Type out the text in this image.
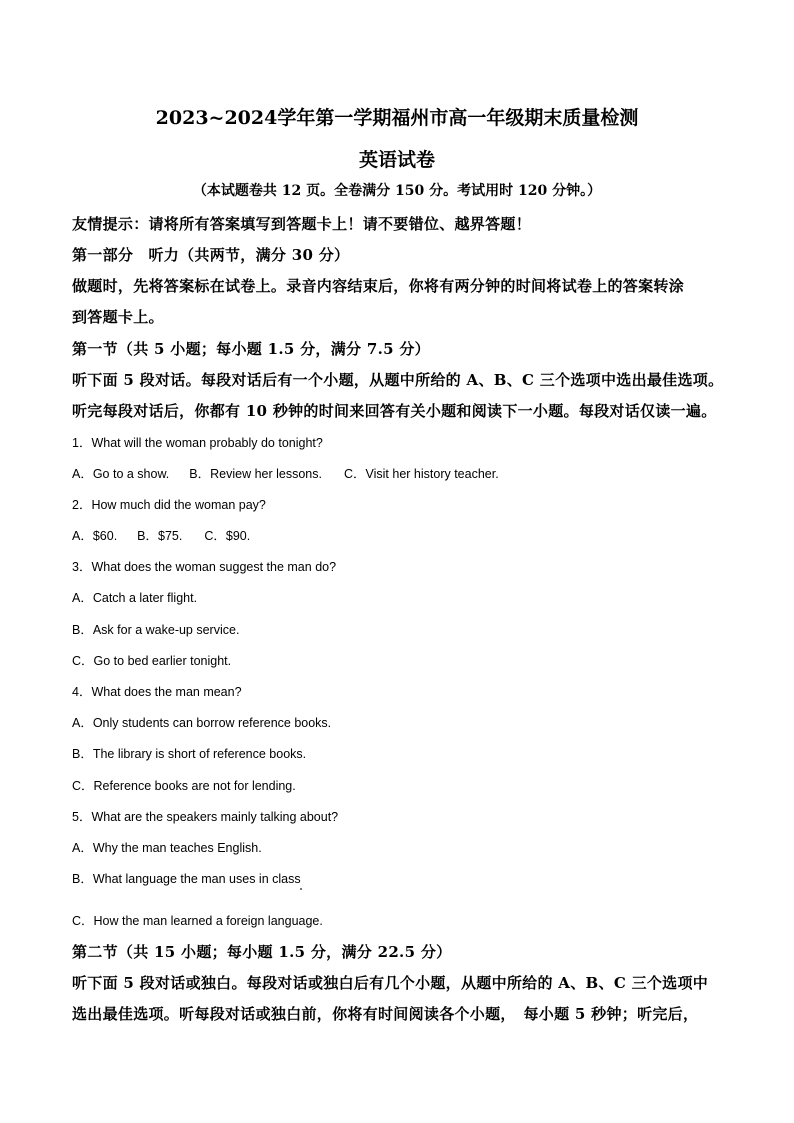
2023~2024学年第一学期福州市高一年级期末质量检测
英语试卷
（本试题卷共 12 页。全卷满分 150 分。考试用时 120 分钟。）
友情提示：请将所有答案填写到答题卡上！请不要错位、越界答题！
第一部分　听力（共两节，满分 30 分）
做题时，先将答案标在试卷上。录音内容结束后，你将有两分钟的时间将试卷上的答案转涂
到答题卡上。
第一节（共 5 小题；每小题 1.5 分，满分 7.5 分）
听下面 5 段对话。每段对话后有一个小题，从题中所给的 A、B、C 三个选项中选出最佳选项。
听完每段对话后，你都有 10 秒钟的时间来回答有关小题和阅读下一小题。每段对话仅读一遍。
1．What will the woman probably do tonight?
A．Go to a show. B．Review her lessons. C．Visit her history teacher.
2．How much did the woman pay?
A．$60. B．$75. C．$90.
3．What does the woman suggest the man do?
A．Catch a later flight.
B．Ask for a wake-up service.
C．Go to bed earlier tonight.
4．What does the man mean?
A．Only students can borrow reference books.
B．The library is short of reference books.
C．Reference books are not for lending.
5．What are the speakers mainly talking about?
A．Why the man teaches English.
B．What language the man uses in class
C．How the man learned a foreign language.
第二节（共 15 小题；每小题 1.5 分，满分 22.5 分）
听下面 5 段对话或独白。每段对话或独白后有几个小题，从题中所给的 A、B、C 三个选项中
选出最佳选项。听每段对话或独白前，你将有时间阅读各个小题，　每小题 5 秒钟；听完后，
